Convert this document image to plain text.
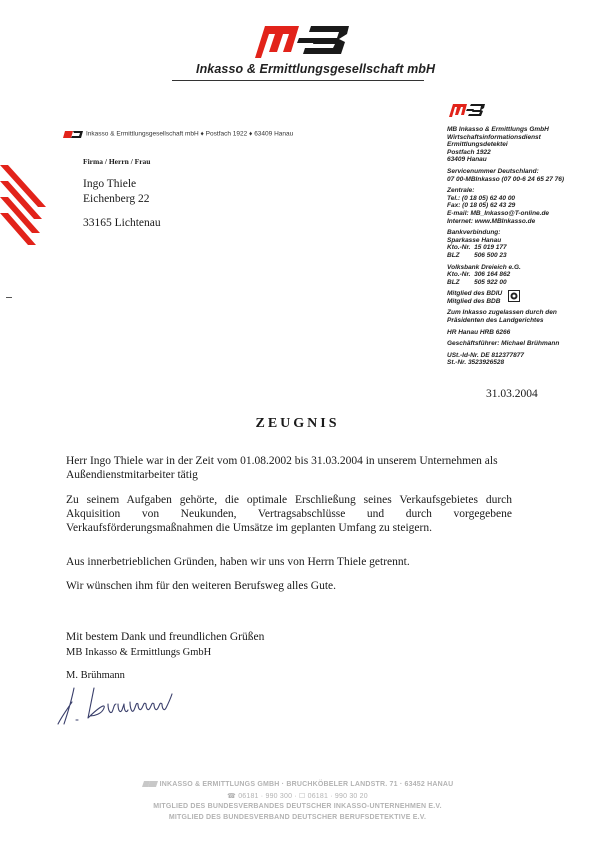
Inkasso & Ermittlungsgesellschaft mbH
Inkasso & Ermittlungsgesellschaft mbH ♦ Postfach 1922 ♦ 63409 Hanau
Firma / Herrn / Frau
Ingo Thiele
Eichenberg 22
33165 Lichtenau
MB Inkasso & Ermittlungs GmbH
Wirtschaftsinformationsdienst
Ermittlungsdetektei
Postfach 1922
63409 Hanau
Servicenummer Deutschland:
07 00-MBInkasso (07 00-6 24 65 27 76)
Zentrale:
Tel.: (0 18 05) 62 40 00
Fax: (0 18 05) 62 43 29
E-mail: MB_Inkasso@T-online.de
Internet: www.MBInkasso.de
Bankverbindung:
Sparkasse Hanau
Kto.-Nr.  15 019 177
BLZ        506 500 23
Volksbank Dreieich e.G.
Kto.-Nr.  306 164 862
BLZ        505 922 00
Mitglied des BDIU
Mitglied des BDB
Zum Inkasso zugelassen durch den
Präsidenten des Landgerichtes
HR Hanau HRB 6266
Geschäftsführer: Michael Brühmann
USt.-Id-Nr. DE 812377877
St.-Nr. 3523926528
31.03.2004
ZEUGNIS
Herr Ingo Thiele war in der Zeit vom 01.08.2002 bis 31.03.2004 in unserem Unternehmen als
Außendienstmitarbeiter tätig
Zu seinem Aufgaben gehörte, die optimale Erschließung seines Verkaufsgebietes durch
Akquisition von Neukunden, Vertragsabschlüsse und durch vorgegebene
Verkaufsförderungsmaßnahmen die Umsätze im geplanten Umfang zu steigern.
Aus innerbetrieblichen Gründen, haben wir uns von Herrn Thiele getrennt.
Wir wünschen ihm für den weiteren Berufsweg alles Gute.
Mit bestem Dank und freundlichen Grüßen
MB Inkasso & Ermittlungs GmbH
M. Brühmann
INKASSO & ERMITTLUNGS GMBH · BRUCHKÖBELER LANDSTR. 71 · 63452 HANAU
☎ 06181 · 990 300 · ☐ 06181 · 990 30 20
MITGLIED DES BUNDESVERBANDES DEUTSCHER INKASSO-UNTERNEHMEN E.V.
MITGLIED DES BUNDESVERBAND DEUTSCHER BERUFSDETEKTIVE E.V.
